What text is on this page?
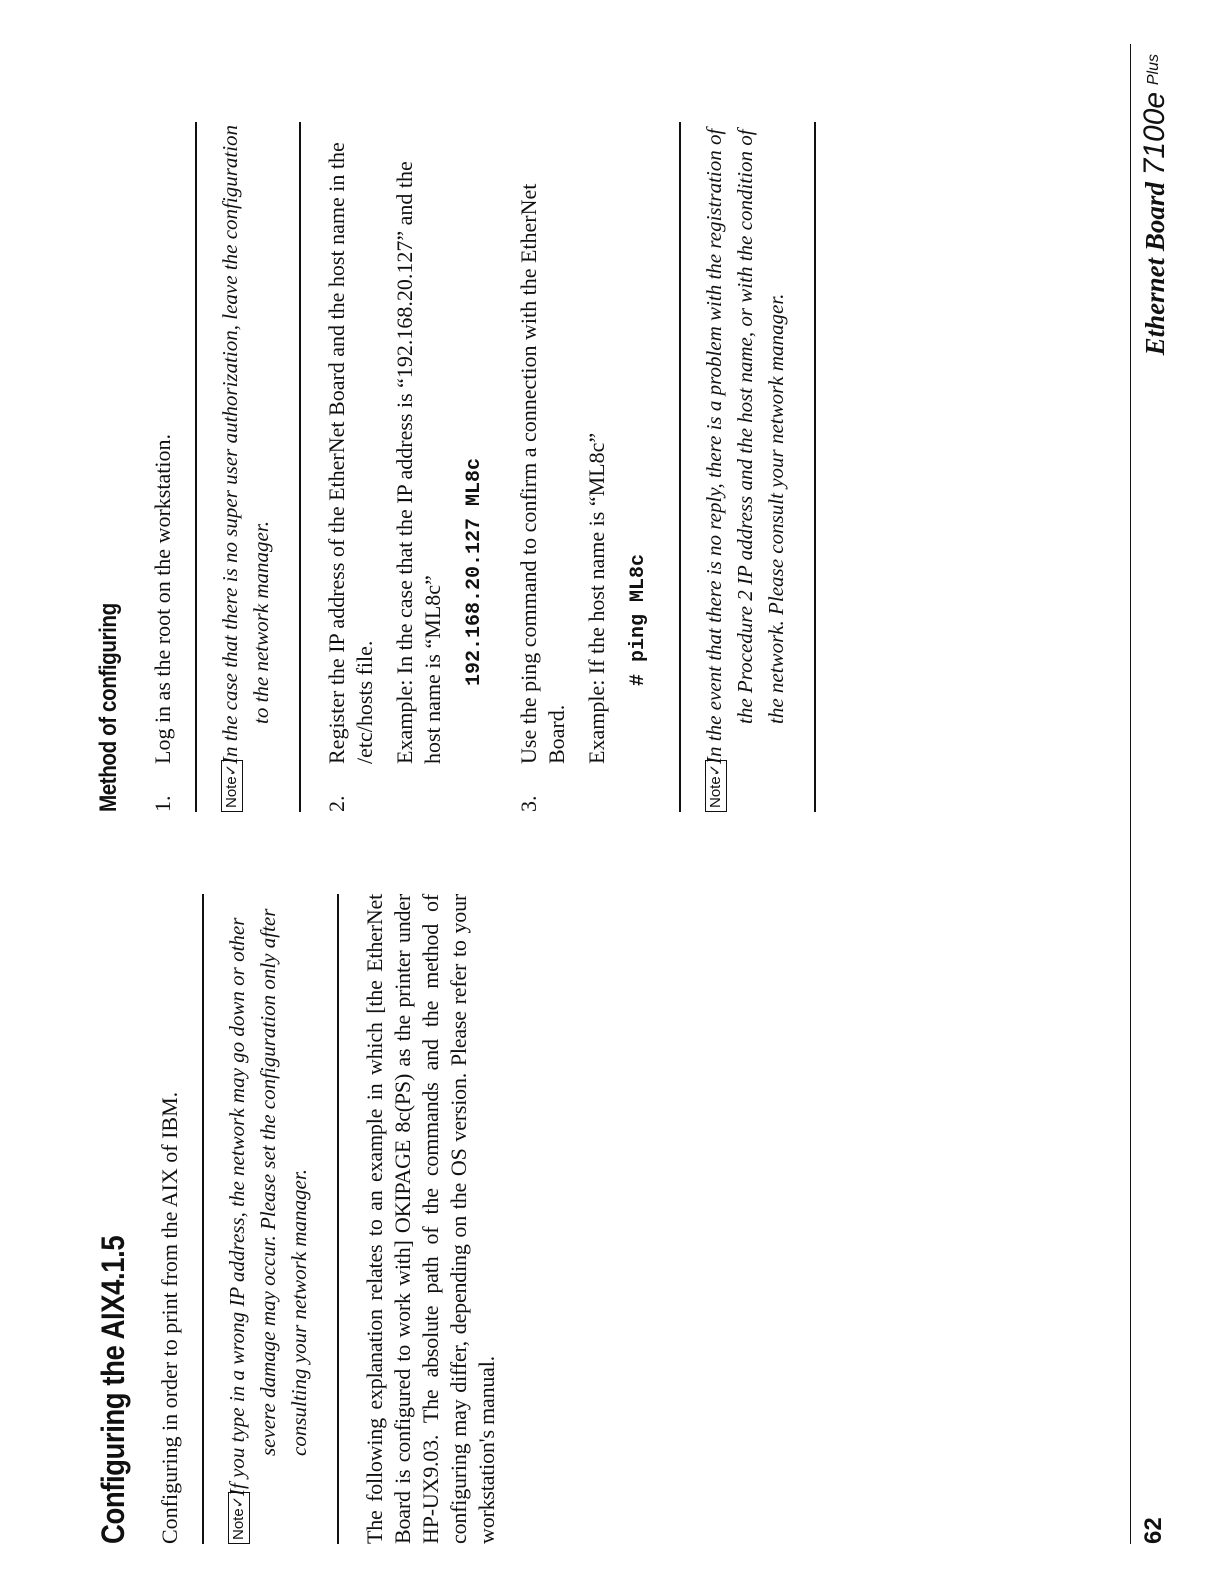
Configuring the AIX4.1.5 Configuring in order to print from the AIX of IBM.	Note✓
If you type in a wrong IP address, the network may go down or other severe damage may occur. Please set the configuration only after consulting your network manager. The following explanation relates to an example in which [the EtherNet Board is configured to work with] OKIPAGE 8c(PS) as the printer under HP-UX9.03. The absolute path of the commands and the method of configuring may differ, depending on the OS version. Please refer to your workstation's manual.

Method of configuring 1.

Log in as the root on the workstation.

Note✓
In the case that there is no super user authorization, leave the configuration to the network manager.
2.

Register the IP address of the EtherNet Board and the host name in the /etc/hosts file. Example: In the case that the IP address is “192.168.20.127” and the host name is “ML8c” 192.168.20.127 ML8c
3.

Use the ping command to confirm a connection with the EtherNet Board. Example: If the host name is “ML8c” # ping ML8c
Note✓
In the event that there is no reply, there is a problem with the registration of the Procedure 2 IP address and the host name, or with the condition of the network. Please consult your network manager.
62
Ethernet Board 7100e $^{Plus}$
